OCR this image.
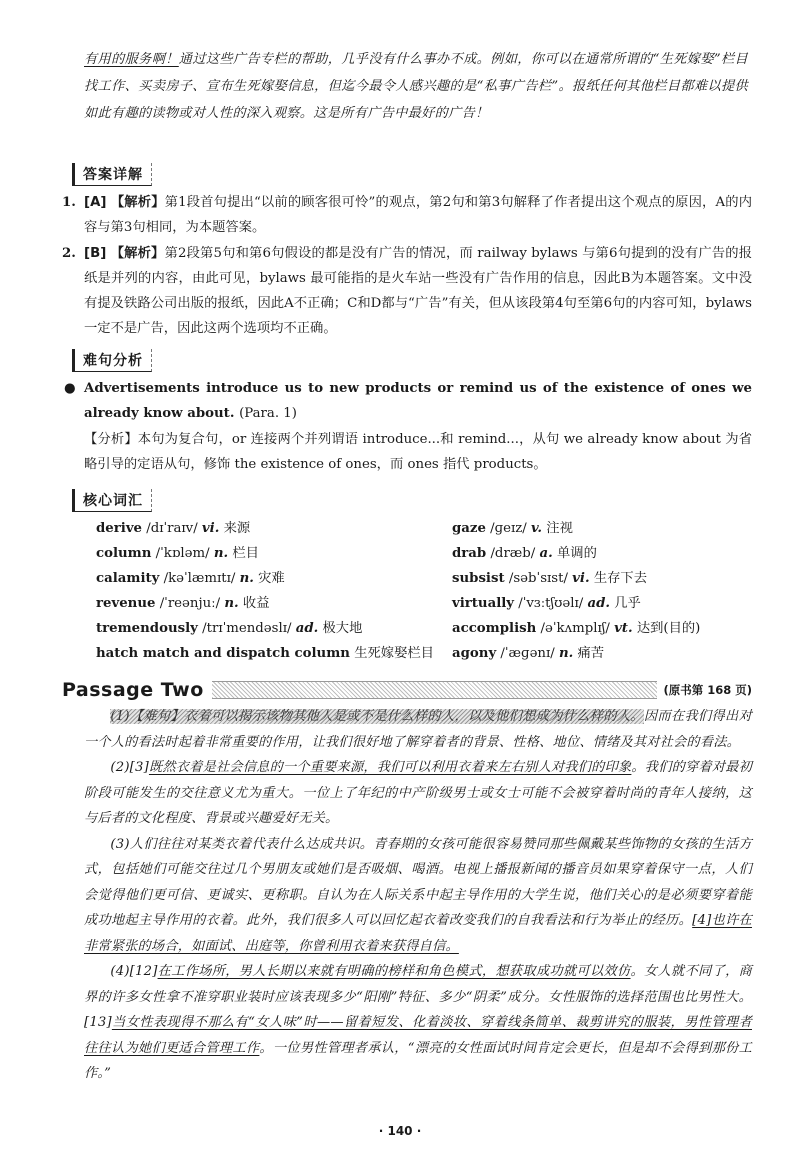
有用的服务啊！通过这些广告专栏的帮助，几乎没有什么事办不成。例如，你可以在通常所谓的“生死嫁娶”栏目找工作、买卖房子、宣布生死嫁娶信息，但迄今最令人感兴趣的是“私事广告栏”。报纸任何其他栏目都难以提供如此有趣的读物或对人性的深入观察。这是所有广告中最好的广告！

答案详解
1. [A] 【解析】第1段首句提出“以前的顾客很可怜”的观点，第2句和第3句解释了作者提出这个观点的原因，A的内容与第3句相同，为本题答案。
2. [B] 【解析】第2段第5句和第6句假设的都是没有广告的情况，而 railway bylaws 与第6句提到的没有广告的报纸是并列的内容，由此可见，bylaws 最可能指的是火车站一些没有广告作用的信息，因此B为本题答案。文中没有提及铁路公司出版的报纸，因此A不正确；C和D都与“广告”有关，但从该段第4句至第6句的内容可知，bylaws 一定不是广告，因此这两个选项均不正确。
难句分析
● Advertisements introduce us to new products or remind us of the existence of ones we already know about. (Para. 1)
【分析】本句为复合句，or 连接两个并列谓语 introduce...和 remind...，从句 we already know about 为省略引导的定语从句，修饰 the existence of ones，而 ones 指代 products。
核心词汇
derive /dɪˈraɪv/ vi. 来源	gaze /ɡeɪz/ v. 注视
column /ˈkɒləm/ n. 栏目	drab /dræb/ a. 单调的
calamity /kəˈlæmɪtɪ/ n. 灾难	subsist /səbˈsɪst/ vi. 生存下去
revenue /ˈreənjuː/ n. 收益	virtually /ˈvɜːtʃʊəlɪ/ ad. 几乎
tremendously /trɪˈmendəslɪ/ ad. 极大地	accomplish /əˈkʌmplɪʃ/ vt. 达到(目的)
hatch match and dispatch column 生死嫁娶栏目	agony /ˈæɡənɪ/ n. 痛苦
Passage Two	(原书第 168 页)

(1)【难句】衣着可以揭示该物其他人是或不是什么样的人，以及他们想成为什么样的人。因而在我们得出对一个人的看法时起着非常重要的作用，让我们很好地了解穿着者的背景、性格、地位、情绪及其对社会的看法。

(2)[3]既然衣着是社会信息的一个重要来源，我们可以利用衣着来左右别人对我们的印象。我们的穿着对最初阶段可能发生的交往意义尤为重大。一位上了年纪的中产阶级男士或女士可能不会被穿着时尚的青年人接纳，这与后者的文化程度、背景或兴趣爱好无关。

(3)人们往往对某类衣着代表什么达成共识。青春期的女孩可能很容易赞同那些佩戴某些饰物的女孩的生活方式，包括她们可能交往过几个男朋友或她们是否吸烟、喝酒。电视上播报新闻的播音员如果穿着保守一点，人们会觉得他们更可信、更诚实、更称职。自认为在人际关系中起主导作用的大学生说，他们关心的是必须要穿着能成功地起主导作用的衣着。此外，我们很多人可以回忆起衣着改变我们的自我看法和行为举止的经历。[4]也许在非常紧张的场合，如面试、出庭等，你曾利用衣着来获得自信。

(4)[12]在工作场所，男人长期以来就有明确的榜样和角色模式，想获取成功就可以效仿。女人就不同了，商界的许多女性拿不准穿职业装时应该表现多少“阳刚”特征、多少“阴柔”成分。女性服饰的选择范围也比男性大。[13]当女性表现得不那么有“女人味”时——留着短发、化着淡妆、穿着线条简单、裁剪讲究的服装，男性管理者往往认为她们更适合管理工作。一位男性管理者承认，“漂亮的女性面试时间肯定会更长，但是却不会得到那份工作。”

· 140 ·
